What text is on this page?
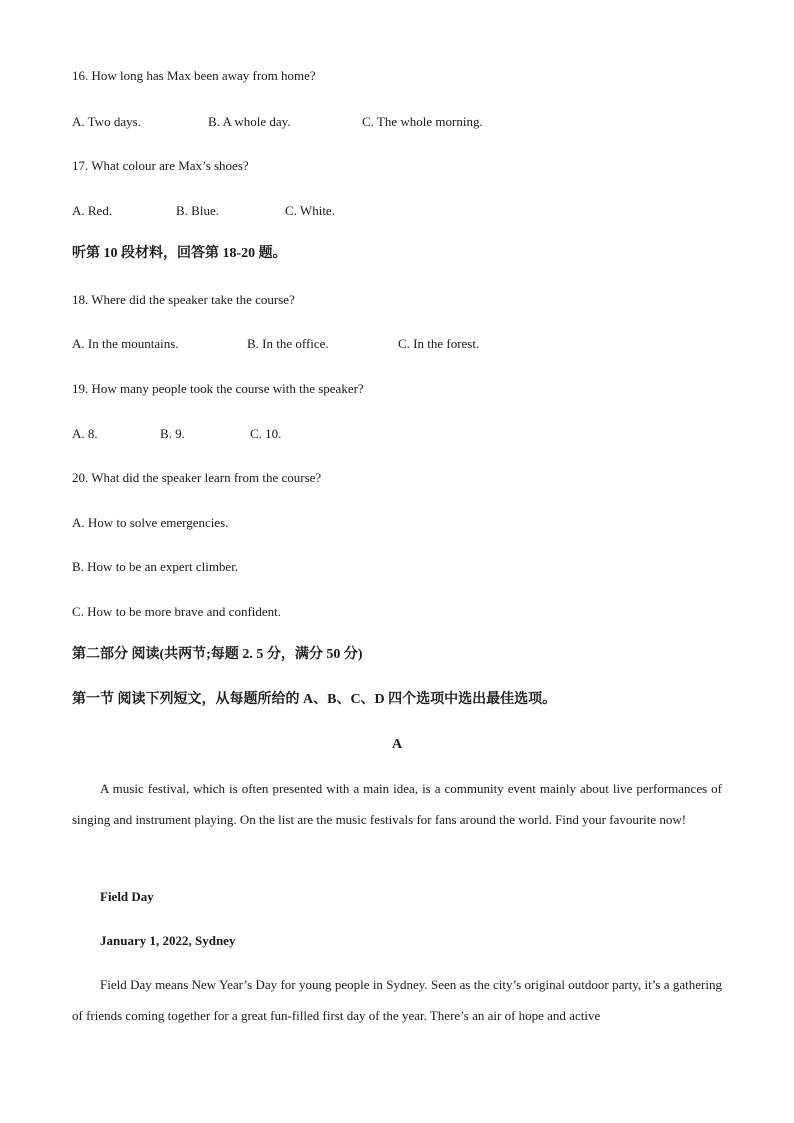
16. How long has Max been away from home?
A. Two days.	B. A whole day.	C. The whole morning.
17. What colour are Max’s shoes?
A. Red.	B. Blue.	C. White.
听第 10 段材料，回答第 18-20 题。
18. Where did the speaker take the course?
A. In the mountains.	B. In the office.	C. In the forest.
19. How many people took the course with the speaker?
A. 8.	B. 9.	C. 10.
20. What did the speaker learn from the course?
A. How to solve emergencies.
B. How to be an expert climber.
C. How to be more brave and confident.
第二部分 阅读(共两节;每题 2. 5 分，满分 50 分)
第一节 阅读下列短文，从每题所给的 A、B、C、D 四个选项中选出最佳选项。
A
A music festival, which is often presented with a main idea, is a community event mainly about live performances of singing and instrument playing. On the list are the music festivals for fans around the world. Find your favourite now!
Field Day
January 1, 2022, Sydney
Field Day means New Year’s Day for young people in Sydney. Seen as the city’s original outdoor party, it’s a gathering of friends coming together for a great fun-filled first day of the year. There’s an air of hope and active
